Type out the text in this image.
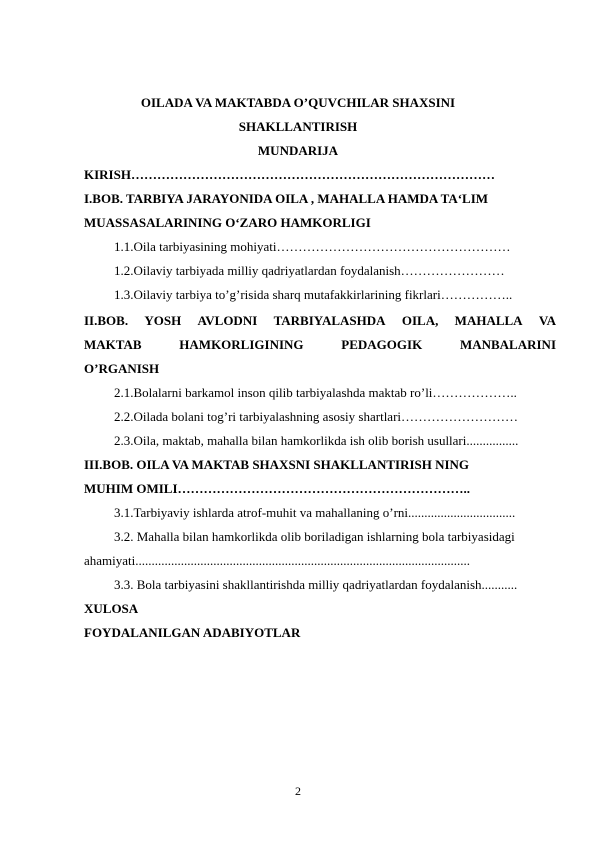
OILADA VA MAKTABDA O’QUVCHILAR SHAXSINI
SHAKLLANTIRISH
MUNDARIJA
KIRISH…………………………………………………………………………
I.BOB. TARBIYA JARAYONIDA OILA , MAHALLA HAMDA TA‘LIM
MUASSASALARINING O‘ZARO HAMKORLIGI
1.1.Oila tarbiyasining mohiyati………………………………………………
1.2.Oilaviy tarbiyada milliy qadriyatlardan foydalanish……………………
1.3.Oilaviy tarbiya to’g’risida sharq mutafakkirlarining fikrlari……………..
II.BOB. YOSH AVLODNI TARBIYALASHDA OILA, MAHALLA VA
MAKTAB	HAMKORLIGINING	PEDAGOGIK	MANBALARINI
O’RGANISH
2.1.Bolalarni barkamol inson qilib tarbiyalashda maktab ro’li………………..
2.2.Oilada bolani tog’ri tarbiyalashning asosiy shartlari………………………
2.3.Oila, maktab, mahalla bilan hamkorlikda ish olib borish usullari................
III.BOB. OILA VA MAKTAB SHAXSNI SHAKLLANTIRISH NING
MUHIM OMILI…………………………………………………………..
3.1.Tarbiyaviy ishlarda atrof-muhit va mahallaning o’rni.................................
3.2. Mahalla bilan hamkorlikda olib boriladigan ishlarning bola tarbiyasidagi
ahamiyati.......................................................................................................
3.3. Bola tarbiyasini shakllantirishda milliy qadriyatlardan foydalanish...........
XULOSA
FOYDALANILGAN ADABIYOTLAR
2
